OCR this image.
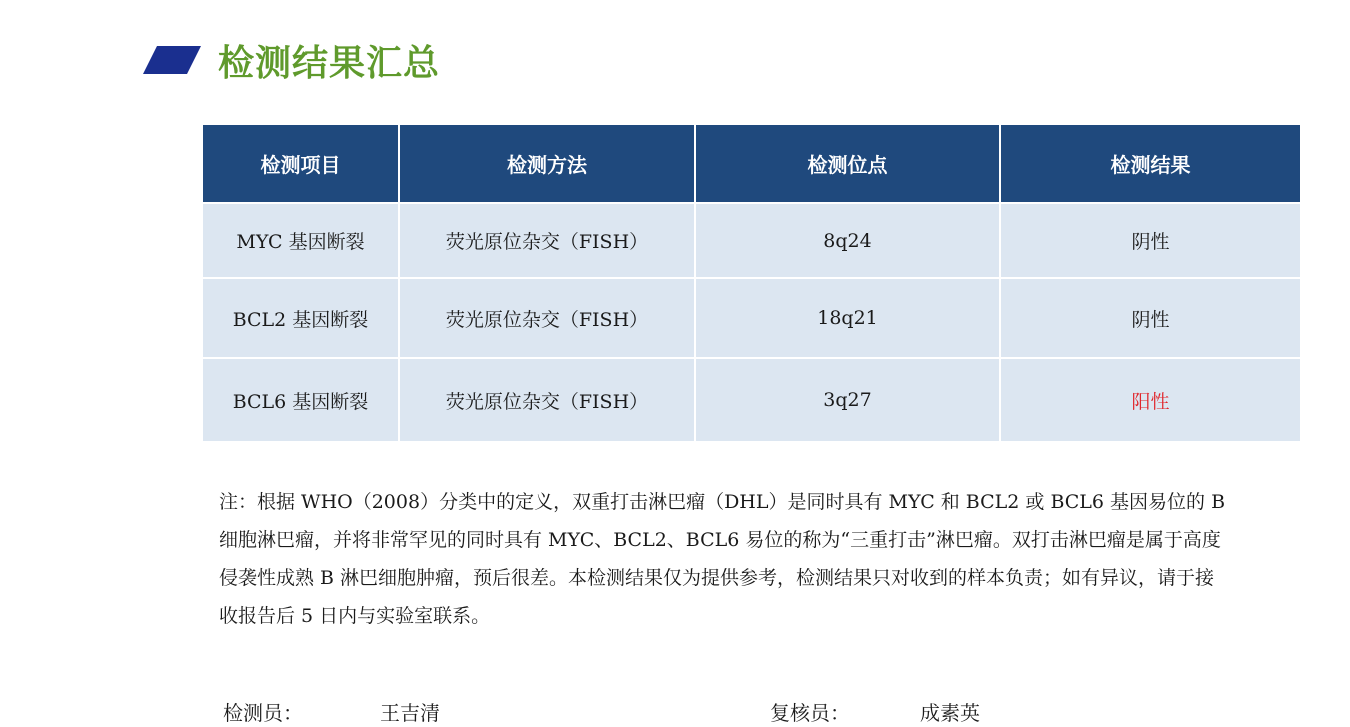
检测结果汇总
检测项目	检测方法	检测位点	检测结果
MYC 基因断裂	荧光原位杂交（FISH）	8q24	阴性
BCL2 基因断裂	荧光原位杂交（FISH）	18q21	阴性
BCL6 基因断裂	荧光原位杂交（FISH）	3q27	阳性

注：根据 WHO（2008）分类中的定义，双重打击淋巴瘤（DHL）是同时具有 MYC 和 BCL2 或 BCL6 基因易位的 B 细胞淋巴瘤，并将非常罕见的同时具有 MYC、BCL2、BCL6 易位的称为“三重打击”淋巴瘤。双打击淋巴瘤是属于高度侵袭性成熟 B 淋巴细胞肿瘤，预后很差。本检测结果仅为提供参考，检测结果只对收到的样本负责；如有异议，请于接收报告后 5 日内与实验室联系。

检测员：	王吉清	复核员：	成素英
